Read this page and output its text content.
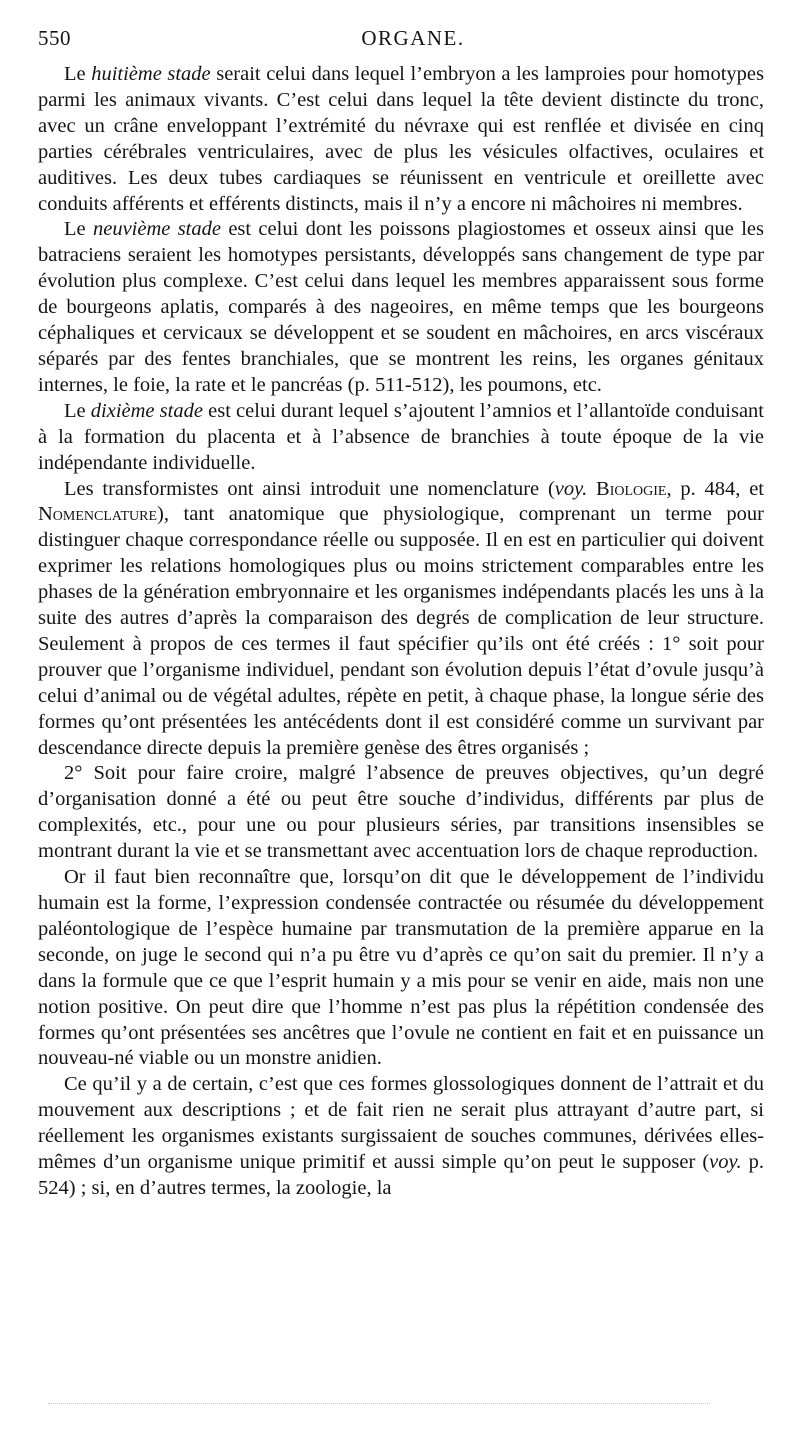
550	ORGANE.

Le huitième stade serait celui dans lequel l’embryon a les lamproies pour homotypes parmi les animaux vivants. C’est celui dans lequel la tête devient distincte du tronc, avec un crâne enveloppant l’extrémité du névraxe qui est renflée et divisée en cinq parties cérébrales ventriculaires, avec de plus les vésicules olfactives, oculaires et auditives. Les deux tubes cardiaques se réunissent en ventricule et oreillette avec conduits afférents et efférents distincts, mais il n’y a encore ni mâchoires ni membres.

Le neuvième stade est celui dont les poissons plagiostomes et osseux ainsi que les batraciens seraient les homotypes persistants, développés sans changement de type par évolution plus complexe. C’est celui dans lequel les membres apparaissent sous forme de bourgeons aplatis, comparés à des nageoires, en même temps que les bourgeons céphaliques et cervicaux se développent et se soudent en mâchoires, en arcs viscéraux séparés par des fentes branchiales, que se montrent les reins, les organes génitaux internes, le foie, la rate et le pancréas (p. 511-512), les poumons, etc.

Le dixième stade est celui durant lequel s’ajoutent l’amnios et l’allantoïde conduisant à la formation du placenta et à l’absence de branchies à toute époque de la vie indépendante individuelle.

Les transformistes ont ainsi introduit une nomenclature (voy. Biologie, p. 484, et Nomenclature), tant anatomique que physiologique, comprenant un terme pour distinguer chaque correspondance réelle ou supposée. Il en est en particulier qui doivent exprimer les relations homologiques plus ou moins strictement comparables entre les phases de la génération embryonnaire et les organismes indépendants placés les uns à la suite des autres d’après la comparaison des degrés de complication de leur structure. Seulement à propos de ces termes il faut spécifier qu’ils ont été créés : 1° soit pour prouver que l’organisme individuel, pendant son évolution depuis l’état d’ovule jusqu’à celui d’animal ou de végétal adultes, répète en petit, à chaque phase, la longue série des formes qu’ont présentées les antécédents dont il est considéré comme un survivant par descendance directe depuis la première genèse des êtres organisés ;

2° Soit pour faire croire, malgré l’absence de preuves objectives, qu’un degré d’organisation donné a été ou peut être souche d’individus, différents par plus de complexités, etc., pour une ou pour plusieurs séries, par transitions insensibles se montrant durant la vie et se transmettant avec accentuation lors de chaque reproduction.

Or il faut bien reconnaître que, lorsqu’on dit que le développement de l’individu humain est la forme, l’expression condensée contractée ou résumée du développement paléontologique de l’espèce humaine par transmutation de la première apparue en la seconde, on juge le second qui n’a pu être vu d’après ce qu’on sait du premier. Il n’y a dans la formule que ce que l’esprit humain y a mis pour se venir en aide, mais non une notion positive. On peut dire que l’homme n’est pas plus la répétition condensée des formes qu’ont présentées ses ancêtres que l’ovule ne contient en fait et en puissance un nouveau-né viable ou un monstre anidien.

Ce qu’il y a de certain, c’est que ces formes glossologiques donnent de l’attrait et du mouvement aux descriptions ; et de fait rien ne serait plus attrayant d’autre part, si réellement les organismes existants surgissaient de souches communes, dérivées elles-mêmes d’un organisme unique primitif et aussi simple qu’on peut le supposer (voy. p. 524) ; si, en d’autres termes, la zoologie, la
